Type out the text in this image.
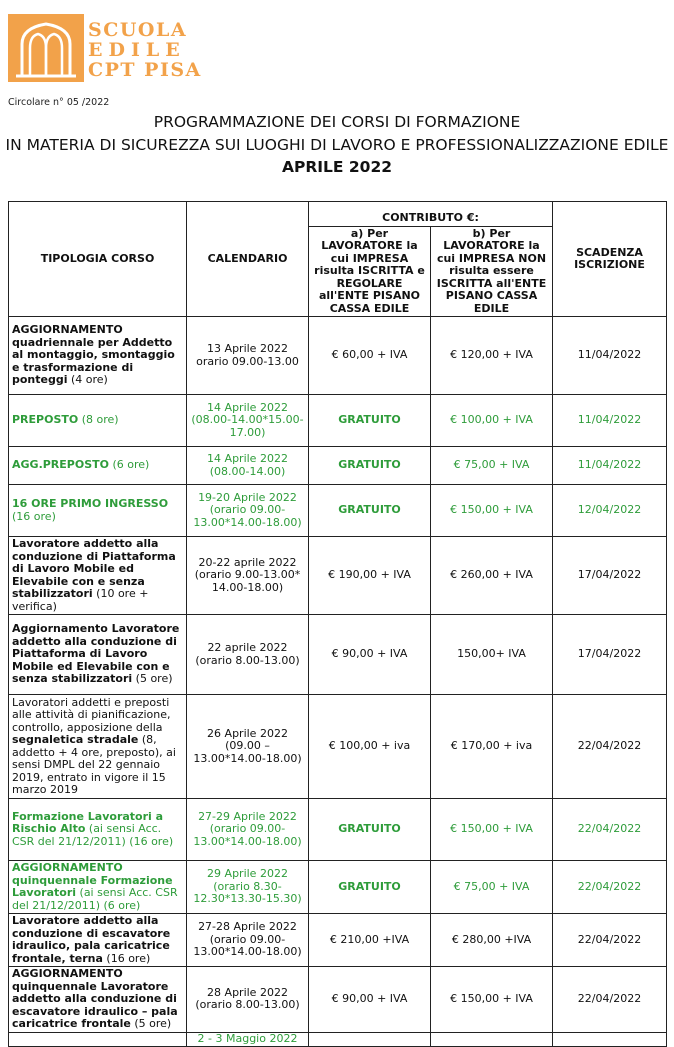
SCUOLA
EDILE
CPT PISA
Circolare n° 05 /2022
PROGRAMMAZIONE DEI CORSI DI FORMAZIONE
IN MATERIA DI SICUREZZA SUI LUOGHI DI LAVORO E PROFESSIONALIZZAZIONE EDILE
APRILE 2022
TIPOLOGIA CORSO	CALENDARIO	CONTRIBUTO €:		SCADENZA ISCRIZIONE
		a) Per LAVORATORE la cui IMPRESA risulta ISCRITTA e REGOLARE all'ENTE PISANO CASSA EDILE	b) Per LAVORATORE la cui IMPRESA NON risulta essere ISCRITTA all'ENTE PISANO CASSA EDILE	
AGGIORNAMENTO quadriennale per Addetto al montaggio, smontaggio e trasformazione di ponteggi (4 ore)	13 Aprile 2022 orario 09.00-13.00	€ 60,00 + IVA	€ 120,00 + IVA	11/04/2022
PREPOSTO (8 ore)	14 Aprile 2022 (08.00-14.00*15.00-17.00)	GRATUITO	€ 100,00 + IVA	11/04/2022
AGG.PREPOSTO (6 ore)	14 Aprile 2022 (08.00-14.00)	GRATUITO	€ 75,00 + IVA	11/04/2022
16 ORE PRIMO INGRESSO (16 ore)	19-20 Aprile 2022 (orario 09.00-13.00*14.00-18.00)	GRATUITO	€ 150,00 + IVA	12/04/2022
Lavoratore addetto alla conduzione di Piattaforma di Lavoro Mobile ed Elevabile con e senza stabilizzatori (10 ore + verifica)	20-22 aprile 2022 (orario 9.00-13.00* 14.00-18.00)	€ 190,00 + IVA	€ 260,00 + IVA	17/04/2022
Aggiornamento Lavoratore addetto alla conduzione di Piattaforma di Lavoro Mobile ed Elevabile con e senza stabilizzatori (5 ore)	22 aprile 2022 (orario 8.00-13.00)	€ 90,00 + IVA	150,00+ IVA	17/04/2022
Lavoratori addetti e preposti alle attività di pianificazione, controllo, apposizione della segnaletica stradale (8, addetto + 4 ore, preposto), ai sensi DMPL del 22 gennaio 2019, entrato in vigore il 15 marzo 2019	26 Aprile 2022 (09.00 – 13.00*14.00-18.00)	€ 100,00 + iva	€ 170,00 + iva	22/04/2022
Formazione Lavoratori a Rischio Alto (ai sensi Acc. CSR del 21/12/2011) (16 ore)	27-29 Aprile 2022 (orario 09.00-13.00*14.00-18.00)	GRATUITO	€ 150,00 + IVA	22/04/2022
AGGIORNAMENTO quinquennale Formazione Lavoratori (ai sensi Acc. CSR del 21/12/2011) (6 ore)	29 Aprile 2022 (orario 8.30-12.30*13.30-15.30)	GRATUITO	€ 75,00 + IVA	22/04/2022
Lavoratore addetto alla conduzione di escavatore idraulico, pala caricatrice frontale, terna (16 ore)	27-28 Aprile 2022 (orario 09.00-13.00*14.00-18.00)	€ 210,00 +IVA	€ 280,00 +IVA	22/04/2022
AGGIORNAMENTO quinquennale Lavoratore addetto alla conduzione di escavatore idraulico – pala caricatrice frontale (5 ore)	28 Aprile 2022 (orario 8.00-13.00)	€ 90,00 + IVA	€ 150,00 + IVA	22/04/2022
	2 - 3 Maggio 2022			
